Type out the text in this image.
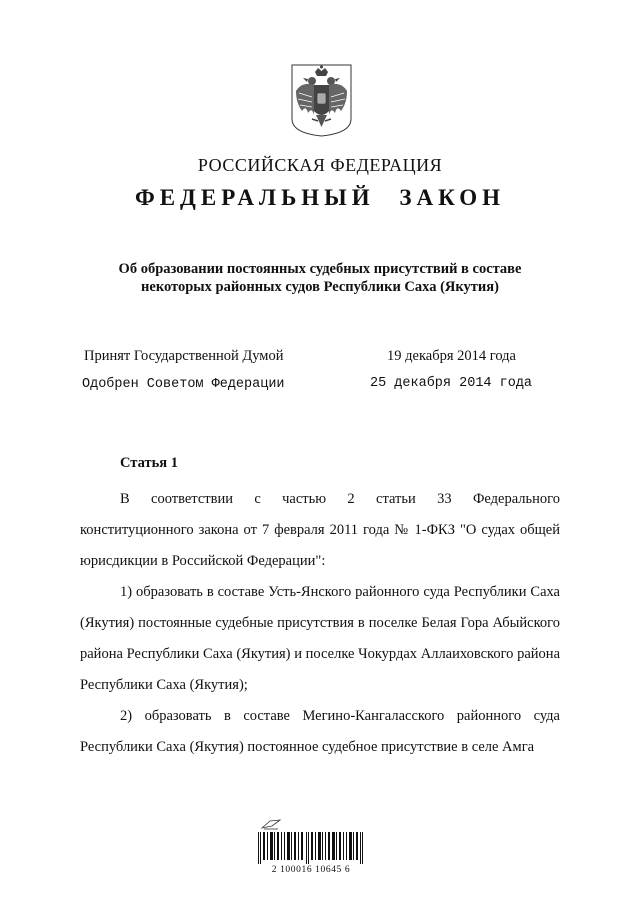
РОССИЙСКАЯ ФЕДЕРАЦИЯ
ФЕДЕРАЛЬНЫЙ ЗАКОН
Об образовании постоянных судебных присутствий в составе
некоторых районных судов Республики Саха (Якутия)
Принят Государственной Думой	19 декабря 2014 года
Одобрен Советом Федерации	25 декабря 2014 года
Статья 1

В соответствии с частью 2 статьи 33 Федерального

конституционного закона от 7 февраля 2011 года № 1-ФКЗ "О судах общей юрисдикции в Российской Федерации":

1) образовать в составе Усть-Янского районного суда Республики Саха (Якутия) постоянные судебные присутствия в поселке Белая Гора Абыйского района Республики Саха (Якутия) и поселке Чокурдах Аллаиховского района Республики Саха (Якутия);

2) образовать в составе Мегино-Кангаласского районного суда Республики Саха (Якутия) постоянное судебное присутствие в селе Амга

2 100016 10645 6
